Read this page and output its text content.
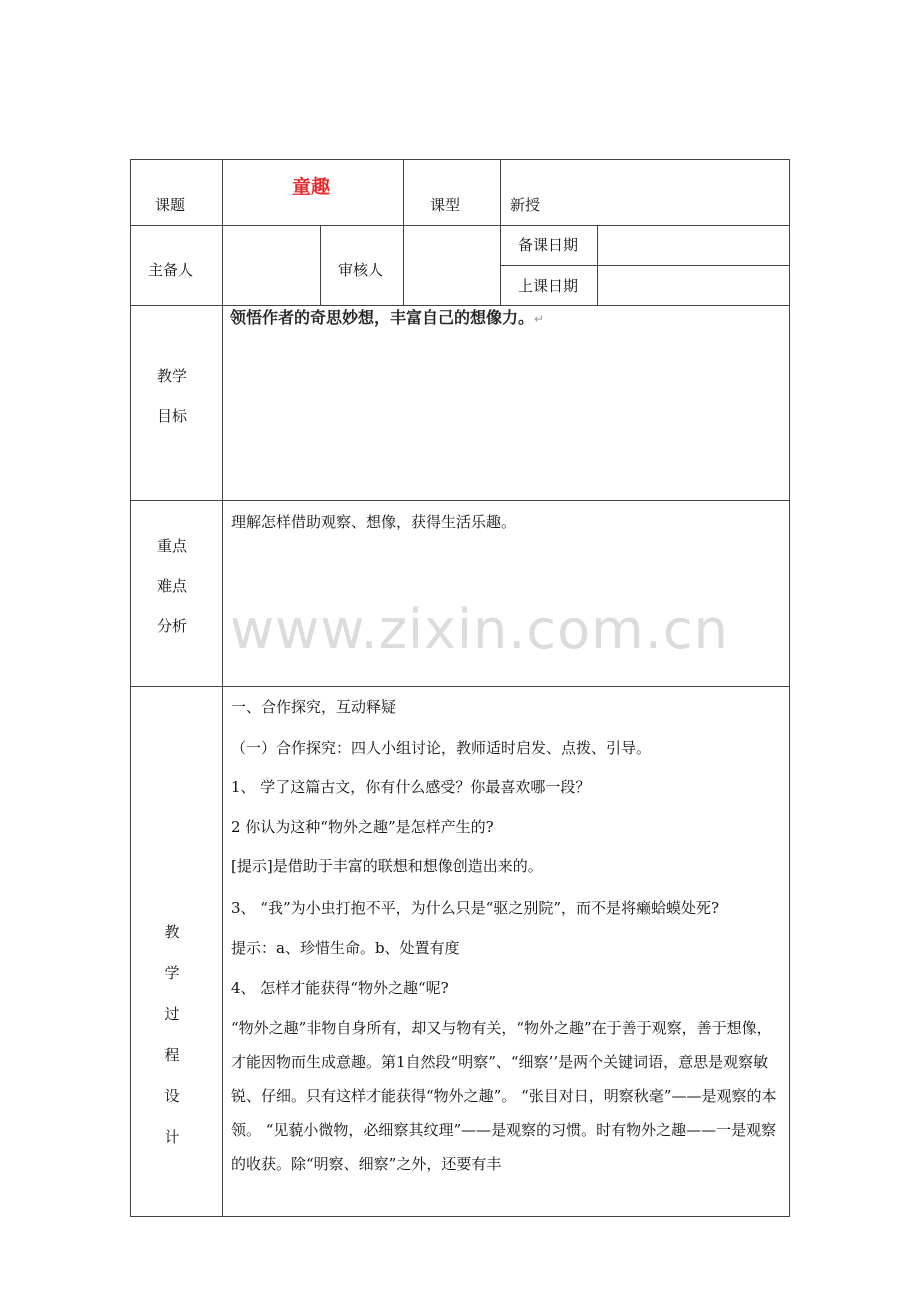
课题
童趣
课型	新授
主备人	审核人
备课日期
上课日期
教学
目标
领悟作者的奇思妙想，丰富自己的想像力。↵
重点
难点
分析
理解怎样借助观察、想像，获得生活乐趣。
www.zixin.com.cn
教
学
过
程
设
计
一、合作探究，互动释疑
（一）合作探究：四人小组讨论，教师适时启发、点拨、引导。
1、 学了这篇古文，你有什么感受？你最喜欢哪一段？
2 你认为这种“物外之趣”是怎样产生的?
[提示]是借助于丰富的联想和想像创造出来的。
3、 “我”为小虫打抱不平，为什么只是“驱之别院”，而不是将癞蛤蟆处死?
提示：a、珍惜生命。b、处置有度
4、 怎样才能获得“物外之趣“呢?
“物外之趣”非物自身所有，却又与物有关，“物外之趣”在于善于观察，善于想像，才能因物而生成意趣。第1自然段“明察”、“细察’’是两个关键词语，意思是观察敏锐、仔细。只有这样才能获得“物外之趣”。 “张目对日，明察秋毫”——是观察的本领。 “见藐小微物，必细察其纹理”——是观察的习惯。时有物外之趣——一是观察的收获。除“明察、细察”之外，还要有丰
